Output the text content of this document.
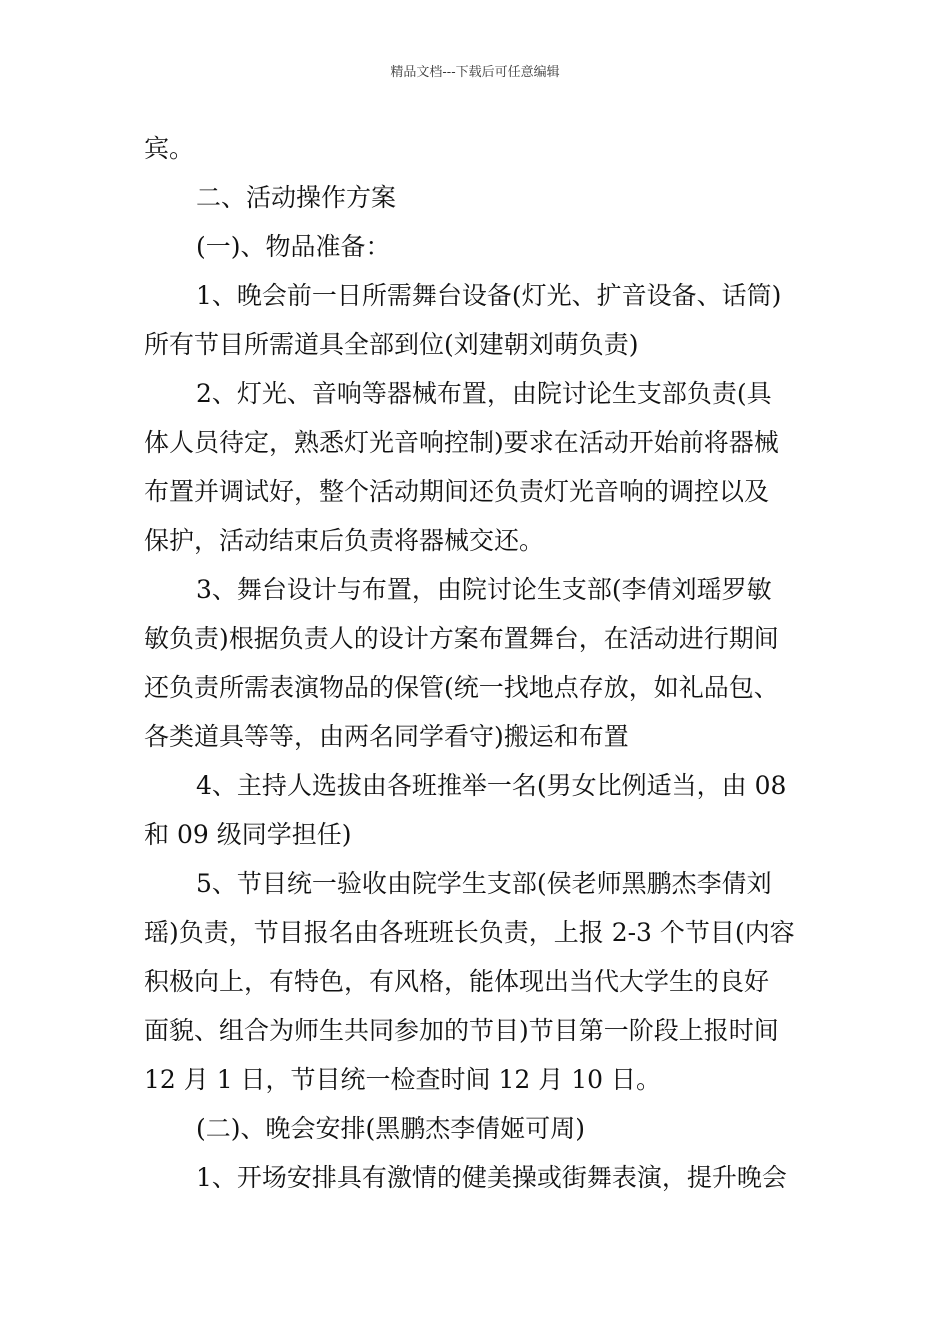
精品文档---下载后可任意编辑
宾。
二、活动操作方案
(一)、物品准备：
1、晚会前一日所需舞台设备(灯光、扩音设备、话筒)
所有节目所需道具全部到位(刘建朝刘萌负责)
2、灯光、音响等器械布置，由院讨论生支部负责(具
体人员待定，熟悉灯光音响控制)要求在活动开始前将器械
布置并调试好，整个活动期间还负责灯光音响的调控以及
保护，活动结束后负责将器械交还。
3、舞台设计与布置，由院讨论生支部(李倩刘瑶罗敏
敏负责)根据负责人的设计方案布置舞台，在活动进行期间
还负责所需表演物品的保管(统一找地点存放，如礼品包、
各类道具等等，由两名同学看守)搬运和布置
4、主持人选拔由各班推举一名(男女比例适当，由 08
和 09 级同学担任)
5、节目统一验收由院学生支部(侯老师黑鹏杰李倩刘
瑶)负责，节目报名由各班班长负责，上报 2-3 个节目(内容
积极向上，有特色，有风格，能体现出当代大学生的良好
面貌、组合为师生共同参加的节目)节目第一阶段上报时间
12 月 1 日，节目统一检查时间 12 月 10 日。
(二)、晚会安排(黑鹏杰李倩姬可周)
1、开场安排具有激情的健美操或街舞表演，提升晚会
